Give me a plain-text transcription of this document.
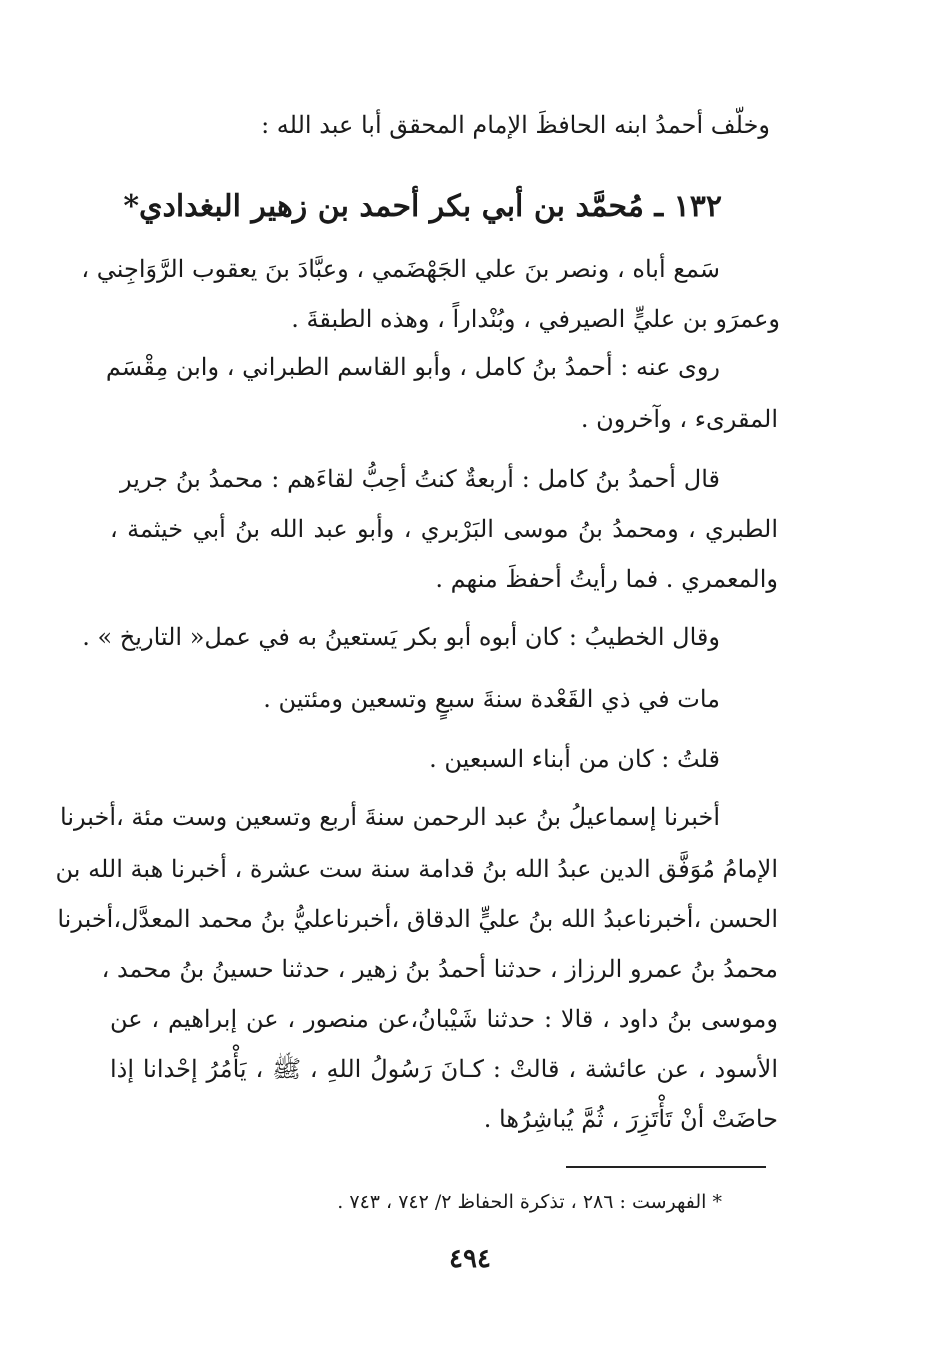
وخلّف أحمدُ ابنه الحافظَ الإمام المحقق أبا عبد الله :
١٣٢ ـ مُحمَّد بن أبي بكر أحمد بن زهير البغدادي*
سَمع أباه ، ونصر بنَ علي الجَهْضَمي ، وعبَّادَ بنَ يعقوب الرَّوَاجِني ،
وعمرَو بن عليٍّ الصيرفي ، وبُنْداراً ، وهذه الطبقةَ .
روى عنه : أحمدُ بنُ كامل ، وأبو القاسم الطبراني ، وابن مِقْسَم
المقرىء ، وآخرون .
قال أحمدُ بنُ كامل : أربعةٌ كنتُ أحِبُّ لقاءَهم : محمدُ بنُ جرير
الطبري ، ومحمدُ بنُ موسى البَرْبري ، وأبو عبد الله بنُ أبي خيثمة ،
والمعمري . فما رأيتُ أحفظَ منهم .
وقال الخطيبُ : كان أبوه أبو بكر يَستعينُ به في عمل« التاريخ » .
مات في ذي القَعْدة سنةَ سبعٍ وتسعين ومئتين .
قلتُ : كان من أبناء السبعين .
أخبرنا إسماعيلُ بنُ عبد الرحمن سنةَ أربع وتسعين وست مئة ،أخبرنا
الإمامُ مُوَفَّق الدين عبدُ الله بنُ قدامة سنة ست عشرة ، أخبرنا هبة الله بن
الحسن ،أخبرناعبدُ الله بنُ عليٍّ الدقاق ،أخبرناعليُّ بنُ محمد المعدَّل،أخبرنا
محمدُ بنُ عمرو الرزاز ، حدثنا أحمدُ بنُ زهير ، حدثنا حسينُ بنُ محمد ،
وموسى بنُ داود ، قالا : حدثنا شَيْبانُ،عن منصور ، عن إبراهيم ، عن
الأسود ، عن عائشة ، قالتْ : كـانَ رَسُولُ اللهِ ، ﷺ ، يَأْمُرُ إحْدانا إذا
حاضَتْ أنْ تَأْتَزِرَ ، ثُمَّ يُباشِرُها .
* الفهرست : ٢٨٦ ، تذكرة الحفاظ ٢/ ٧٤٢ ، ٧٤٣ .
٤٩٤
